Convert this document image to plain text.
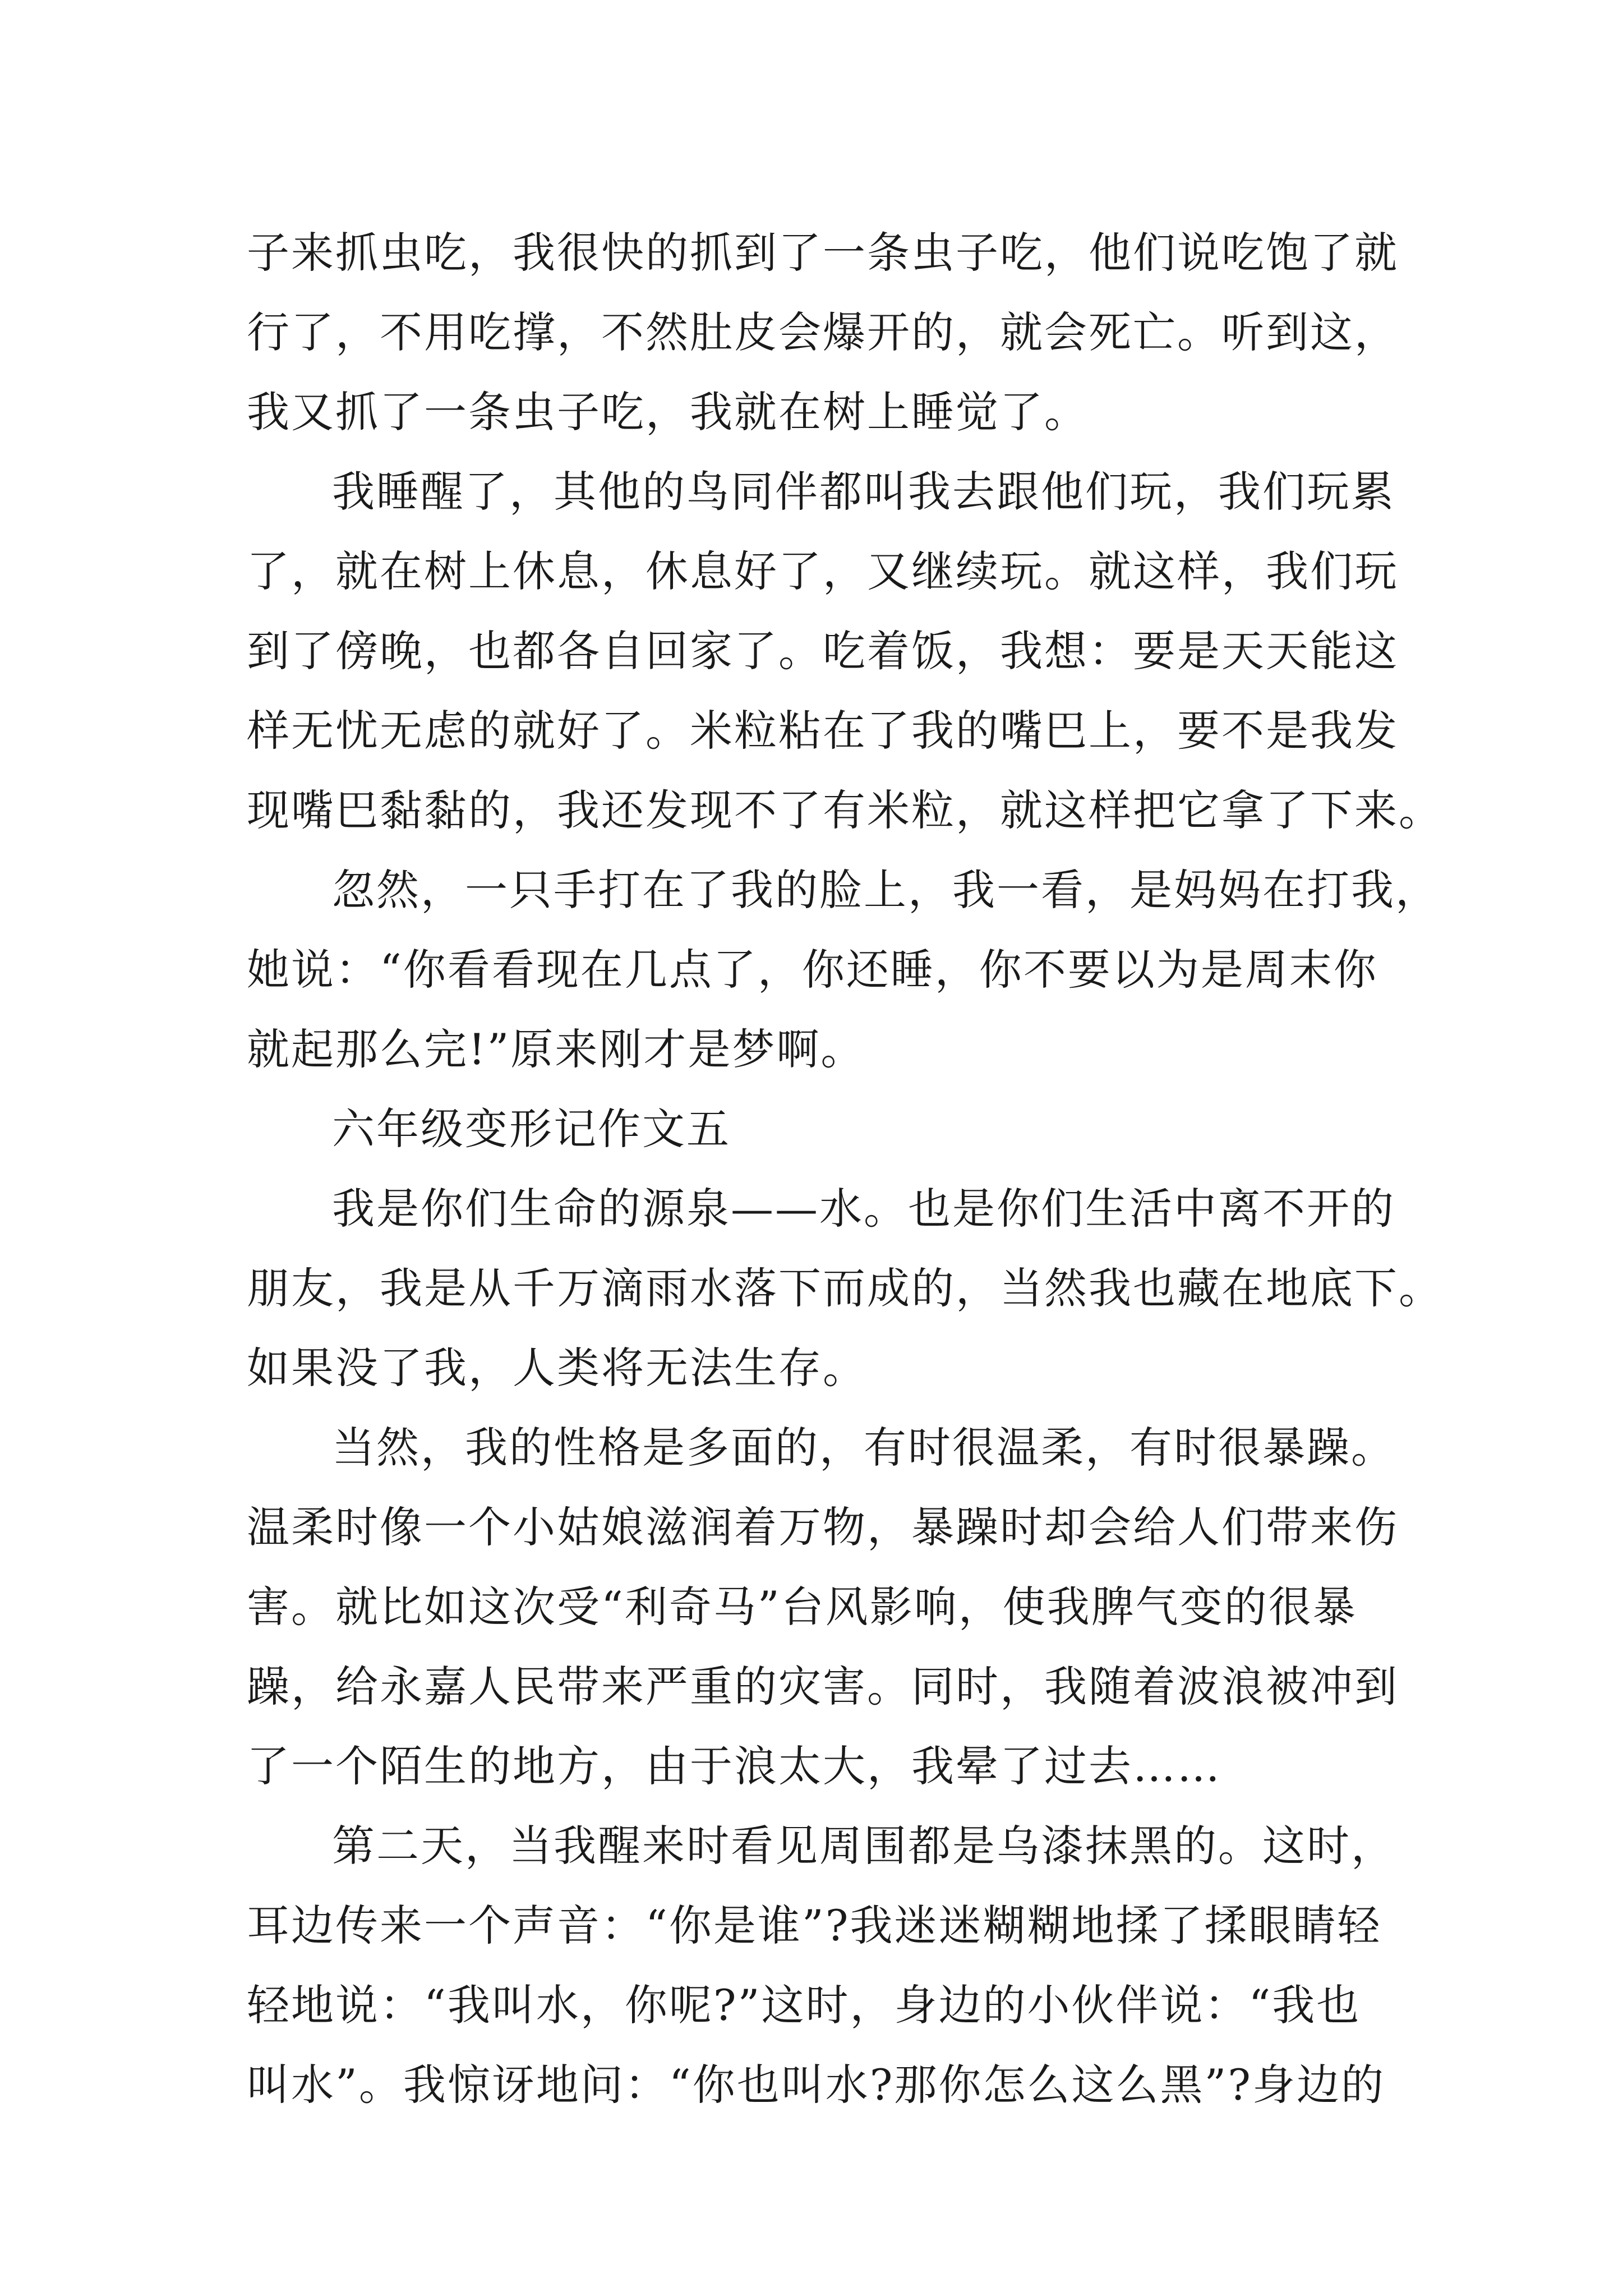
子来抓虫吃，我很快的抓到了一条虫子吃，他们说吃饱了就
行了，不用吃撑，不然肚皮会爆开的，就会死亡。听到这，
我又抓了一条虫子吃，我就在树上睡觉了。
我睡醒了，其他的鸟同伴都叫我去跟他们玩，我们玩累
了，就在树上休息，休息好了，又继续玩。就这样，我们玩
到了傍晚，也都各自回家了。吃着饭，我想：要是天天能这
样无忧无虑的就好了。米粒粘在了我的嘴巴上，要不是我发
现嘴巴黏黏的，我还发现不了有米粒，就这样把它拿了下来。
忽然，一只手打在了我的脸上，我一看，是妈妈在打我，
她说：“你看看现在几点了，你还睡，你不要以为是周末你
就起那么完!”原来刚才是梦啊。
六年级变形记作文五
我是你们生命的源泉——水。也是你们生活中离不开的
朋友，我是从千万滴雨水落下而成的，当然我也藏在地底下。
如果没了我，人类将无法生存。
当然，我的性格是多面的，有时很温柔，有时很暴躁。
温柔时像一个小姑娘滋润着万物，暴躁时却会给人们带来伤
害。就比如这次受“利奇马”台风影响，使我脾气变的很暴
躁，给永嘉人民带来严重的灾害。同时，我随着波浪被冲到
了一个陌生的地方，由于浪太大，我晕了过去……
第二天，当我醒来时看见周围都是乌漆抹黑的。这时，
耳边传来一个声音：“你是谁”?我迷迷糊糊地揉了揉眼睛轻
轻地说：“我叫水，你呢?”这时，身边的小伙伴说：“我也
叫水”。我惊讶地问：“你也叫水?那你怎么这么黑”?身边的
